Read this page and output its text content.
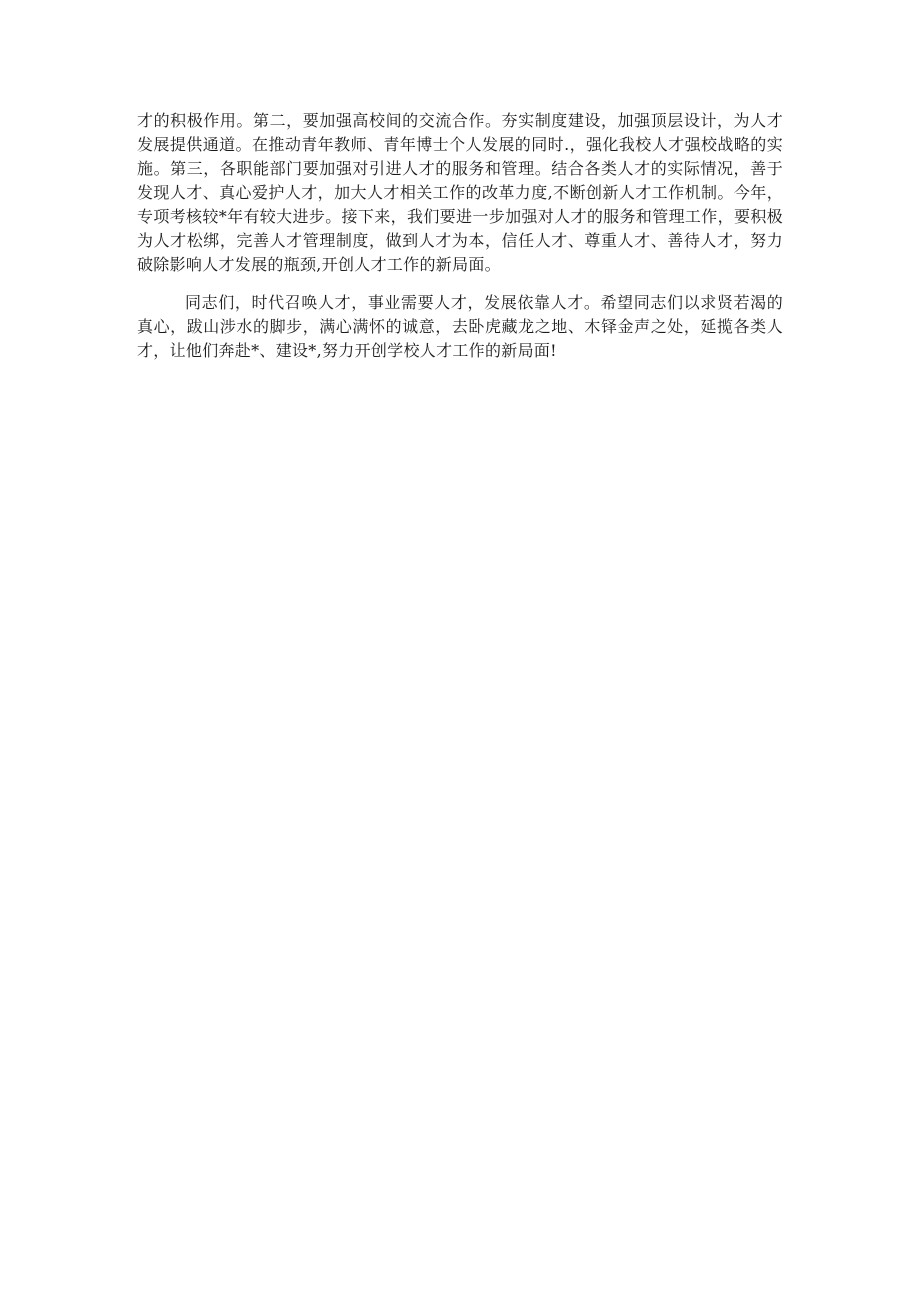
才的积极作用。第二，要加强高校间的交流合作。夯实制度建设，加强顶层设计，为人才发展提供通道。在推动青年教师、青年博士个人发展的同时.，强化我校人才强校战略的实施。第三，各职能部门要加强对引进人才的服务和管理。结合各类人才的实际情况，善于发现人才、真心爱护人才，加大人才相关工作的改革力度,不断创新人才工作机制。今年，专项考核较*年有较大进步。接下来，我们要进一步加强对人才的服务和管理工作，要积极为人才松绑，完善人才管理制度，做到人才为本，信任人才、尊重人才、善待人才，努力破除影响人才发展的瓶颈,开创人才工作的新局面。

同志们，时代召唤人才，事业需要人才，发展依靠人才。希望同志们以求贤若渴的真心，跋山涉水的脚步，满心满怀的诚意，去卧虎藏龙之地、木铎金声之处，延揽各类人才，让他们奔赴*、建设*,努力开创学校人才工作的新局面!
